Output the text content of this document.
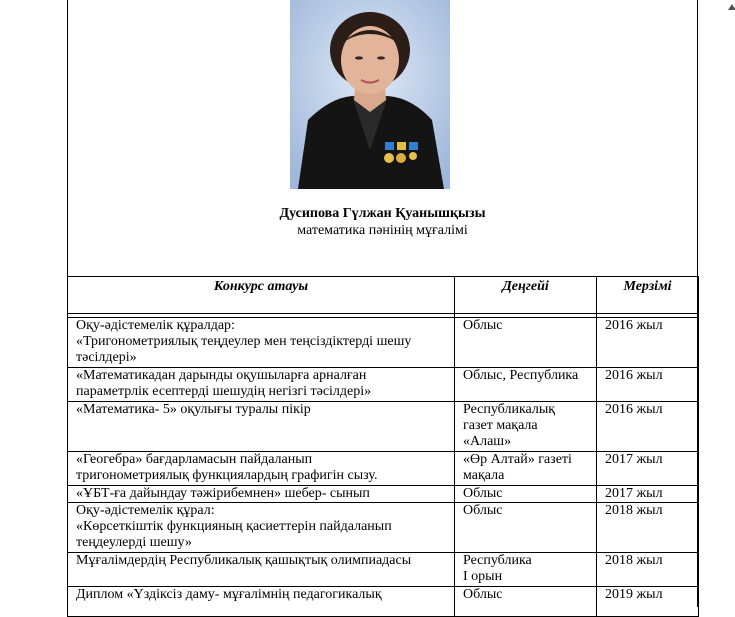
Дусипова Гүлжан Қуанышқызы
математика пәнінің мұғалімі
Конкурс атауы	Деңгейі	Мерзімі

Оқу-әдістемелік құралдар:
«Тригонометриялық теңдеулер мен теңсіздіктерді шешу
тәсілдері»	Облыс	2016 жыл

«Математикадан дарынды оқушыларға арналған
параметрлік есептерді шешудің негізгі тәсілдері»	Облыс, Республика	2016 жыл

«Математика- 5» оқулығы туралы пікір	Республикалық
газет мақала
«Алаш»	2016 жыл

«Геогебра» бағдарламасын пайдаланып
тригонометриялық функциялардың графигін сызу.	«Өр Алтай» газеті
мақала	2017 жыл

«ҰБТ-ға дайындау тәжірибемнен» шебер- сынып	Облыс	2017 жыл

Оқу-әдістемелік құрал:
«Көрсеткіштік функцияның қасиеттерін пайдаланып
теңдеулерді шешу»	Облыс	2018 жыл

Мұғалімдердің Республикалық қашықтық олимпиадасы	Республика
І орын	2018 жыл

Диплом «Үздіксіз даму- мұғалімнің педагогикалық	Облыс	2019 жыл
